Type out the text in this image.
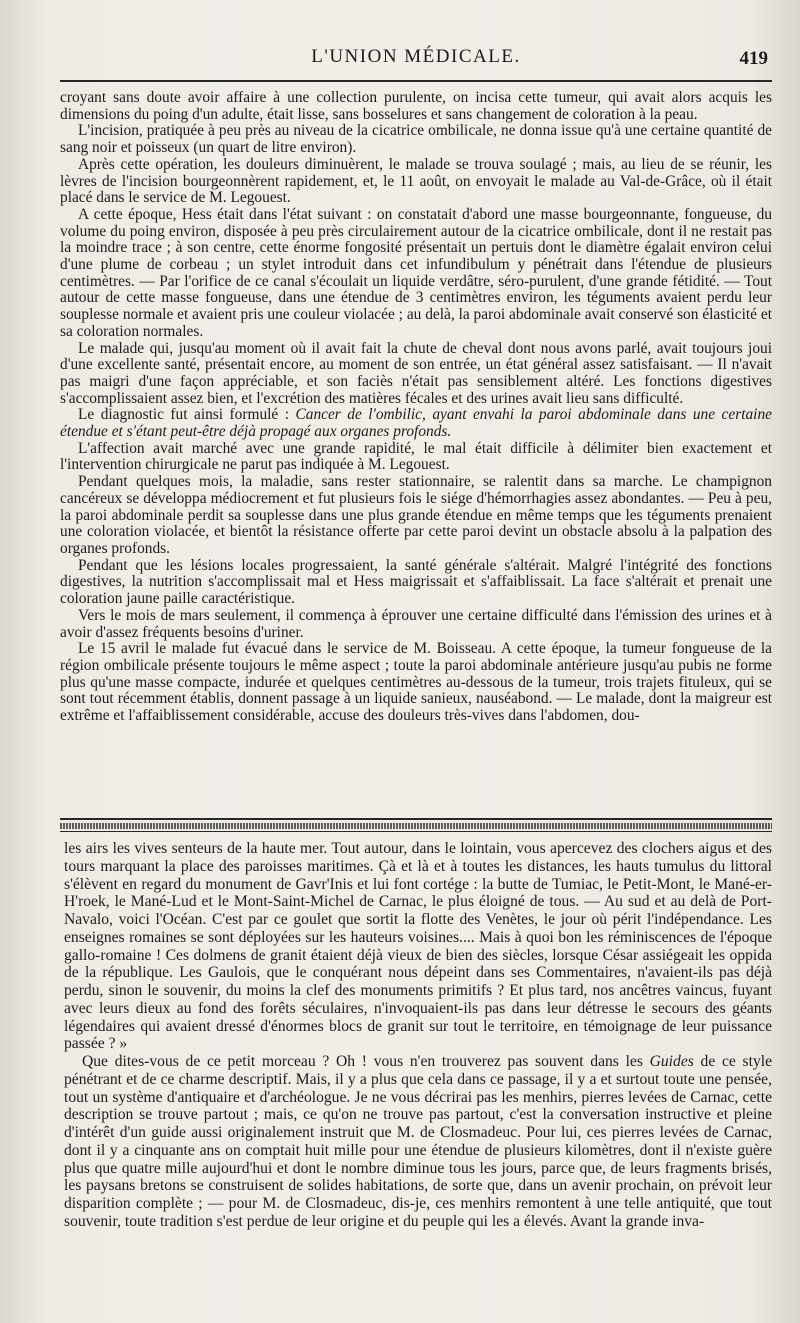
L'UNION MÉDICALE.	419

croyant sans doute avoir affaire à une collection purulente, on incisa cette tumeur, qui avait alors acquis les dimensions du poing d'un adulte, était lisse, sans bosselures et sans changement de coloration à la peau.

L'incision, pratiquée à peu près au niveau de la cicatrice ombilicale, ne donna issue qu'à une certaine quantité de sang noir et poisseux (un quart de litre environ).

Après cette opération, les douleurs diminuèrent, le malade se trouva soulagé ; mais, au lieu de se réunir, les lèvres de l'incision bourgeonnèrent rapidement, et, le 11 août, on envoyait le malade au Val-de-Grâce, où il était placé dans le service de M. Legouest.

A cette époque, Hess était dans l'état suivant : on constatait d'abord une masse bourgeonnante, fongueuse, du volume du poing environ, disposée à peu près circulairement autour de la cicatrice ombilicale, dont il ne restait pas la moindre trace ; à son centre, cette énorme fongosité présentait un pertuis dont le diamètre égalait environ celui d'une plume de corbeau ; un stylet introduit dans cet infundibulum y pénétrait dans l'étendue de plusieurs centimètres. — Par l'orifice de ce canal s'écoulait un liquide verdâtre, séro-purulent, d'une grande fétidité. — Tout autour de cette masse fongueuse, dans une étendue de 3 centimètres environ, les téguments avaient perdu leur souplesse normale et avaient pris une couleur violacée ; au delà, la paroi abdominale avait conservé son élasticité et sa coloration normales.

Le malade qui, jusqu'au moment où il avait fait la chute de cheval dont nous avons parlé, avait toujours joui d'une excellente santé, présentait encore, au moment de son entrée, un état général assez satisfaisant. — Il n'avait pas maigri d'une façon appréciable, et son faciès n'était pas sensiblement altéré. Les fonctions digestives s'accomplissaient assez bien, et l'excrétion des matières fécales et des urines avait lieu sans difficulté.

Le diagnostic fut ainsi formulé : Cancer de l'ombilic, ayant envahi la paroi abdominale dans une certaine étendue et s'étant peut-être déjà propagé aux organes profonds.

L'affection avait marché avec une grande rapidité, le mal était difficile à délimiter bien exactement et l'intervention chirurgicale ne parut pas indiquée à M. Legouest.

Pendant quelques mois, la maladie, sans rester stationnaire, se ralentit dans sa marche. Le champignon cancéreux se développa médiocrement et fut plusieurs fois le siége d'hémorrhagies assez abondantes. — Peu à peu, la paroi abdominale perdit sa souplesse dans une plus grande étendue en même temps que les téguments prenaient une coloration violacée, et bientôt la résistance offerte par cette paroi devint un obstacle absolu à la palpation des organes profonds.

Pendant que les lésions locales progressaient, la santé générale s'altérait. Malgré l'intégrité des fonctions digestives, la nutrition s'accomplissait mal et Hess maigrissait et s'affaiblissait. La face s'altérait et prenait une coloration jaune paille caractéristique.

Vers le mois de mars seulement, il commença à éprouver une certaine difficulté dans l'émission des urines et à avoir d'assez fréquents besoins d'uriner.

Le 15 avril le malade fut évacué dans le service de M. Boisseau. A cette époque, la tumeur fongueuse de la région ombilicale présente toujours le même aspect ; toute la paroi abdominale antérieure jusqu'au pubis ne forme plus qu'une masse compacte, indurée et quelques centimètres au-dessous de la tumeur, trois trajets fituleux, qui se sont tout récemment établis, donnent passage à un liquide sanieux, nauséabond. — Le malade, dont la maigreur est extrême et l'affaiblissement considérable, accuse des douleurs très-vives dans l'abdomen, dou-

les airs les vives senteurs de la haute mer. Tout autour, dans le lointain, vous apercevez des clochers aigus et des tours marquant la place des paroisses maritimes. Çà et là et à toutes les distances, les hauts tumulus du littoral s'élèvent en regard du monument de Gavr'Inis et lui font cortége : la butte de Tumiac, le Petit-Mont, le Mané-er-H'roek, le Mané-Lud et le Mont-Saint-Michel de Carnac, le plus éloigné de tous. — Au sud et au delà de Port-Navalo, voici l'Océan. C'est par ce goulet que sortit la flotte des Venètes, le jour où périt l'indépendance. Les enseignes romaines se sont déployées sur les hauteurs voisines.... Mais à quoi bon les réminiscences de l'époque gallo-romaine ! Ces dolmens de granit étaient déjà vieux de bien des siècles, lorsque César assiégeait les oppida de la république. Les Gaulois, que le conquérant nous dépeint dans ses Commentaires, n'avaient-ils pas déjà perdu, sinon le souvenir, du moins la clef des monuments primitifs ? Et plus tard, nos ancêtres vaincus, fuyant avec leurs dieux au fond des forêts séculaires, n'invoquaient-ils pas dans leur détresse le secours des géants légendaires qui avaient dressé d'énormes blocs de granit sur tout le territoire, en témoignage de leur puissance passée ? »

Que dites-vous de ce petit morceau ? Oh ! vous n'en trouverez pas souvent dans les Guides de ce style pénétrant et de ce charme descriptif. Mais, il y a plus que cela dans ce passage, il y a et surtout toute une pensée, tout un système d'antiquaire et d'archéologue. Je ne vous décrirai pas les menhirs, pierres levées de Carnac, cette description se trouve partout ; mais, ce qu'on ne trouve pas partout, c'est la conversation instructive et pleine d'intérêt d'un guide aussi originalement instruit que M. de Closmadeuc. Pour lui, ces pierres levées de Carnac, dont il y a cinquante ans on comptait huit mille pour une étendue de plusieurs kilomètres, dont il n'existe guère plus que quatre mille aujourd'hui et dont le nombre diminue tous les jours, parce que, de leurs fragments brisés, les paysans bretons se construisent de solides habitations, de sorte que, dans un avenir prochain, on prévoit leur disparition complète ; — pour M. de Closmadeuc, dis-je, ces menhirs remontent à une telle antiquité, que tout souvenir, toute tradition s'est perdue de leur origine et du peuple qui les a élevés. Avant la grande inva-
